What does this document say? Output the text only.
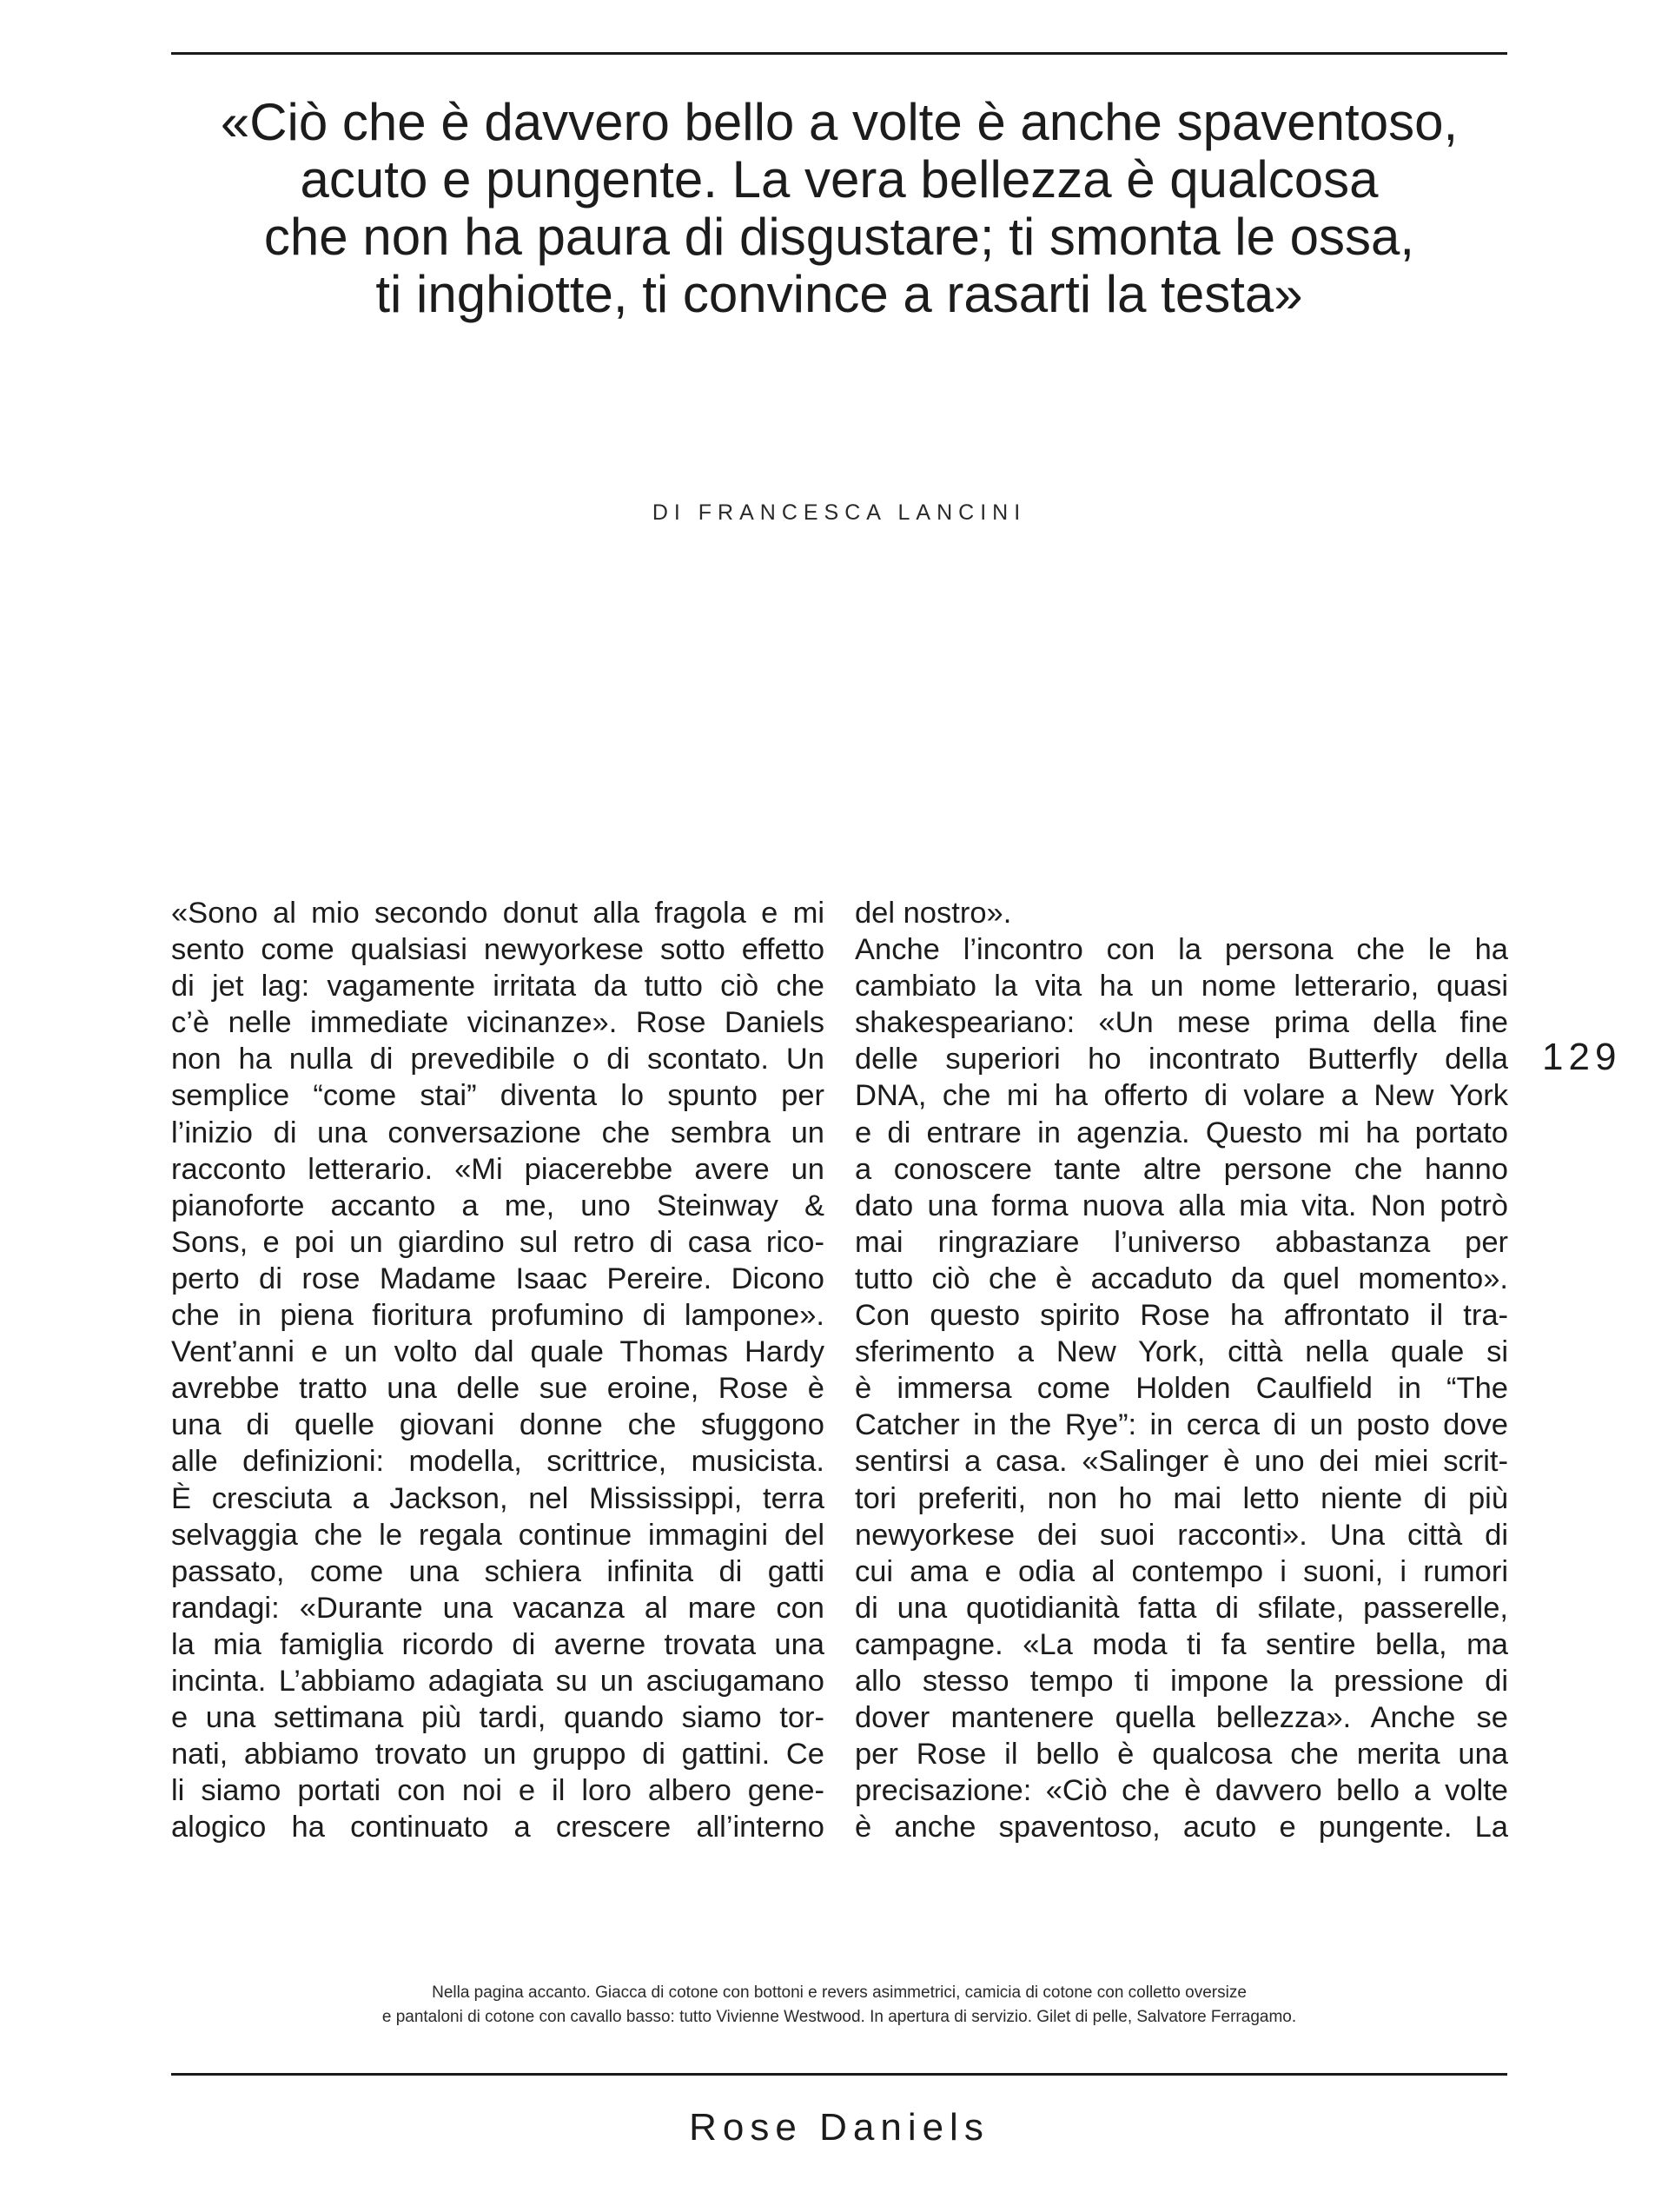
«Ciò che è davvero bello a volte è anche spaventoso,
acuto e pungente. La vera bellezza è qualcosa
che non ha paura di disgustare; ti smonta le ossa,
ti inghiotte, ti convince a rasarti la testa»
DI FRANCESCA LANCINI
«Sono al mio secondo donut alla fragola e mi
sento come qualsiasi newyorkese sotto effetto
di jet lag: vagamente irritata da tutto ciò che
c’è nelle immediate vicinanze». Rose Daniels
non ha nulla di prevedibile o di scontato. Un
semplice “come stai” diventa lo spunto per
l’inizio di una conversazione che sembra un
racconto letterario. «Mi piacerebbe avere un
pianoforte accanto a me, uno Steinway &
Sons, e poi un giardino sul retro di casa rico-
perto di rose Madame Isaac Pereire. Dicono
che in piena fioritura profumino di lampone».
Vent’anni e un volto dal quale Thomas Hardy
avrebbe tratto una delle sue eroine, Rose è
una di quelle giovani donne che sfuggono
alle definizioni: modella, scrittrice, musicista.
È cresciuta a Jackson, nel Mississippi, terra
selvaggia che le regala continue immagini del
passato, come una schiera infinita di gatti
randagi: «Durante una vacanza al mare con
la mia famiglia ricordo di averne trovata una
incinta. L’abbiamo adagiata su un asciugamano
e una settimana più tardi, quando siamo tor-
nati, abbiamo trovato un gruppo di gattini. Ce
li siamo portati con noi e il loro albero gene-
alogico ha continuato a crescere all’interno
del nostro».
Anche l’incontro con la persona che le ha
cambiato la vita ha un nome letterario, quasi
shakespeariano: «Un mese prima della fine
delle superiori ho incontrato Butterfly della
DNA, che mi ha offerto di volare a New York
e di entrare in agenzia. Questo mi ha portato
a conoscere tante altre persone che hanno
dato una forma nuova alla mia vita. Non potrò
mai ringraziare l’universo abbastanza per
tutto ciò che è accaduto da quel momento».
Con questo spirito Rose ha affrontato il tra-
sferimento a New York, città nella quale si
è immersa come Holden Caulfield in “The
Catcher in the Rye”: in cerca di un posto dove
sentirsi a casa. «Salinger è uno dei miei scrit-
tori preferiti, non ho mai letto niente di più
newyorkese dei suoi racconti». Una città di
cui ama e odia al contempo i suoni, i rumori
di una quotidianità fatta di sfilate, passerelle,
campagne. «La moda ti fa sentire bella, ma
allo stesso tempo ti impone la pressione di
dover mantenere quella bellezza». Anche se
per Rose il bello è qualcosa che merita una
precisazione: «Ciò che è davvero bello a volte
è anche spaventoso, acuto e pungente. La
129
Nella pagina accanto. Giacca di cotone con bottoni e revers asimmetrici, camicia di cotone con colletto oversize
e pantaloni di cotone con cavallo basso: tutto Vivienne Westwood. In apertura di servizio. Gilet di pelle, Salvatore Ferragamo.
Rose Daniels
